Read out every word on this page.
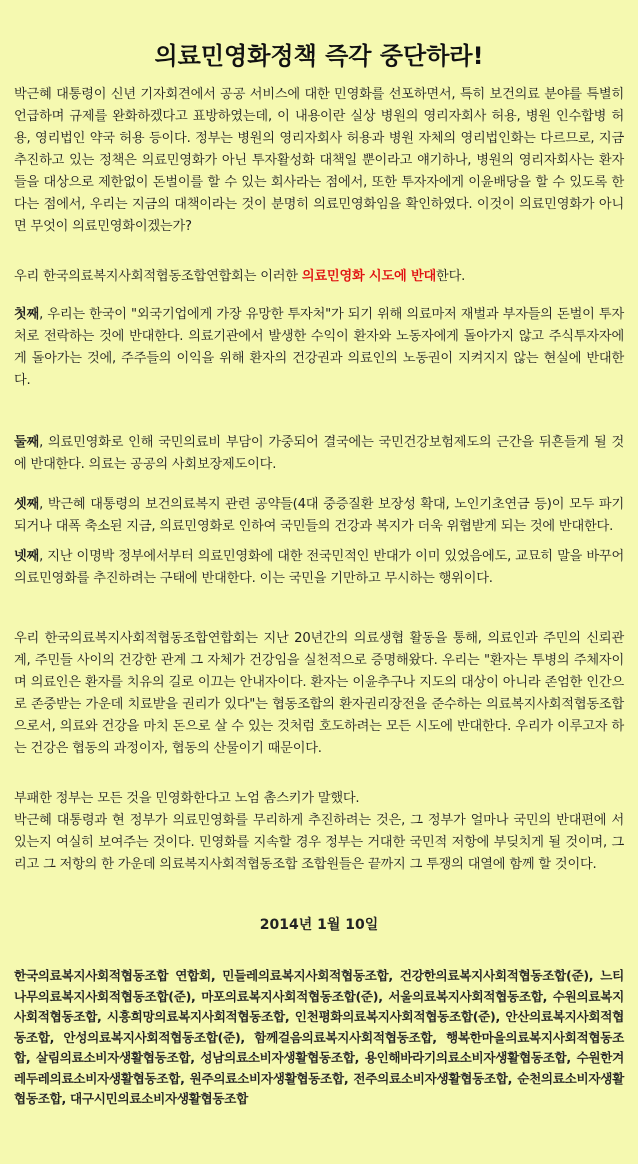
의료민영화정책 즉각 중단하라!

박근혜 대통령이 신년 기자회견에서 공공 서비스에 대한 민영화를 선포하면서, 특히 보건의료 분야를 특별히 언급하며 규제를 완화하겠다고 표방하였는데, 이 내용이란 실상 병원의 영리자회사 허용, 병원 인수합병 허용, 영리법인 약국 허용 등이다. 정부는 병원의 영리자회사 허용과 병원 자체의 영리법인화는 다르므로, 지금 추진하고 있는 정책은 의료민영화가 아닌 투자활성화 대책일 뿐이라고 얘기하나, 병원의 영리자회사는 환자들을 대상으로 제한없이 돈벌이를 할 수 있는 회사라는 점에서, 또한 투자자에게 이윤배당을 할 수 있도록 한다는 점에서, 우리는 지금의 대책이라는 것이 분명히 의료민영화임을 확인하였다. 이것이 의료민영화가 아니면 무엇이 의료민영화이겠는가?

우리 한국의료복지사회적협동조합연합회는 이러한 의료민영화 시도에 반대한다.

첫째, 우리는 한국이 "외국기업에게 가장 유망한 투자처"가 되기 위해 의료마저 재벌과 부자들의 돈벌이 투자처로 전락하는 것에 반대한다. 의료기관에서 발생한 수익이 환자와 노동자에게 돌아가지 않고 주식투자자에게 돌아가는 것에, 주주들의 이익을 위해 환자의 건강권과 의료인의 노동권이 지켜지지 않는 현실에 반대한다.

둘째, 의료민영화로 인해 국민의료비 부담이 가중되어 결국에는 국민건강보험제도의 근간을 뒤흔들게 될 것에 반대한다. 의료는 공공의 사회보장제도이다.

셋째, 박근혜 대통령의 보건의료복지 관련 공약들(4대 중증질환 보장성 확대, 노인기초연금 등)이 모두 파기되거나 대폭 축소된 지금, 의료민영화로 인하여 국민들의 건강과 복지가 더욱 위협받게 되는 것에 반대한다.

넷째, 지난 이명박 정부에서부터 의료민영화에 대한 전국민적인 반대가 이미 있었음에도, 교묘히 말을 바꾸어 의료민영화를 추진하려는 구태에 반대한다. 이는 국민을 기만하고 무시하는 행위이다.

우리 한국의료복지사회적협동조합연합회는 지난 20년간의 의료생협 활동을 통해, 의료인과 주민의 신뢰관계, 주민들 사이의 건강한 관계 그 자체가 건강임을 실천적으로 증명해왔다. 우리는 "환자는 투병의 주체자이며 의료인은 환자를 치유의 길로 이끄는 안내자이다. 환자는 이윤추구나 지도의 대상이 아니라 존엄한 인간으로 존중받는 가운데 치료받을 권리가 있다"는 협동조합의 환자권리장전을 준수하는 의료복지사회적협동조합으로서, 의료와 건강을 마치 돈으로 살 수 있는 것처럼 호도하려는 모든 시도에 반대한다. 우리가 이루고자 하는 건강은 협동의 과정이자, 협동의 산물이기 때문이다.

부패한 정부는 모든 것을 민영화한다고 노엄 촘스키가 말했다.
박근혜 대통령과 현 정부가 의료민영화를 무리하게 추진하려는 것은, 그 정부가 얼마나 국민의 반대편에 서 있는지 여실히 보여주는 것이다. 민영화를 지속할 경우 정부는 거대한 국민적 저항에 부딪치게 될 것이며, 그리고 그 저항의 한 가운데 의료복지사회적협동조합 조합원들은 끝까지 그 투쟁의 대열에 함께 할 것이다.
2014년 1월 10일
한국의료복지사회적협동조합 연합회, 민들레의료복지사회적협동조합, 건강한의료복지사회적협동조합(준), 느티나무의료복지사회적협동조합(준), 마포의료복지사회적협동조합(준), 서울의료복지사회적협동조합, 수원의료복지사회적협동조합, 시흥희망의료복지사회적협동조합, 인천평화의료복지사회적협동조합(준), 안산의료복지사회적협동조합, 안성의료복지사회적협동조합(준), 함께걸음의료복지사회적협동조합, 행복한마을의료복지사회적협동조합, 살림의료소비자생활협동조합, 성남의료소비자생활협동조합, 용인해바라기의료소비자생활협동조합, 수원한겨레두레의료소비자생활협동조합, 원주의료소비자생활협동조합, 전주의료소비자생활협동조합, 순천의료소비자생활협동조합, 대구시민의료소비자생활협동조합
